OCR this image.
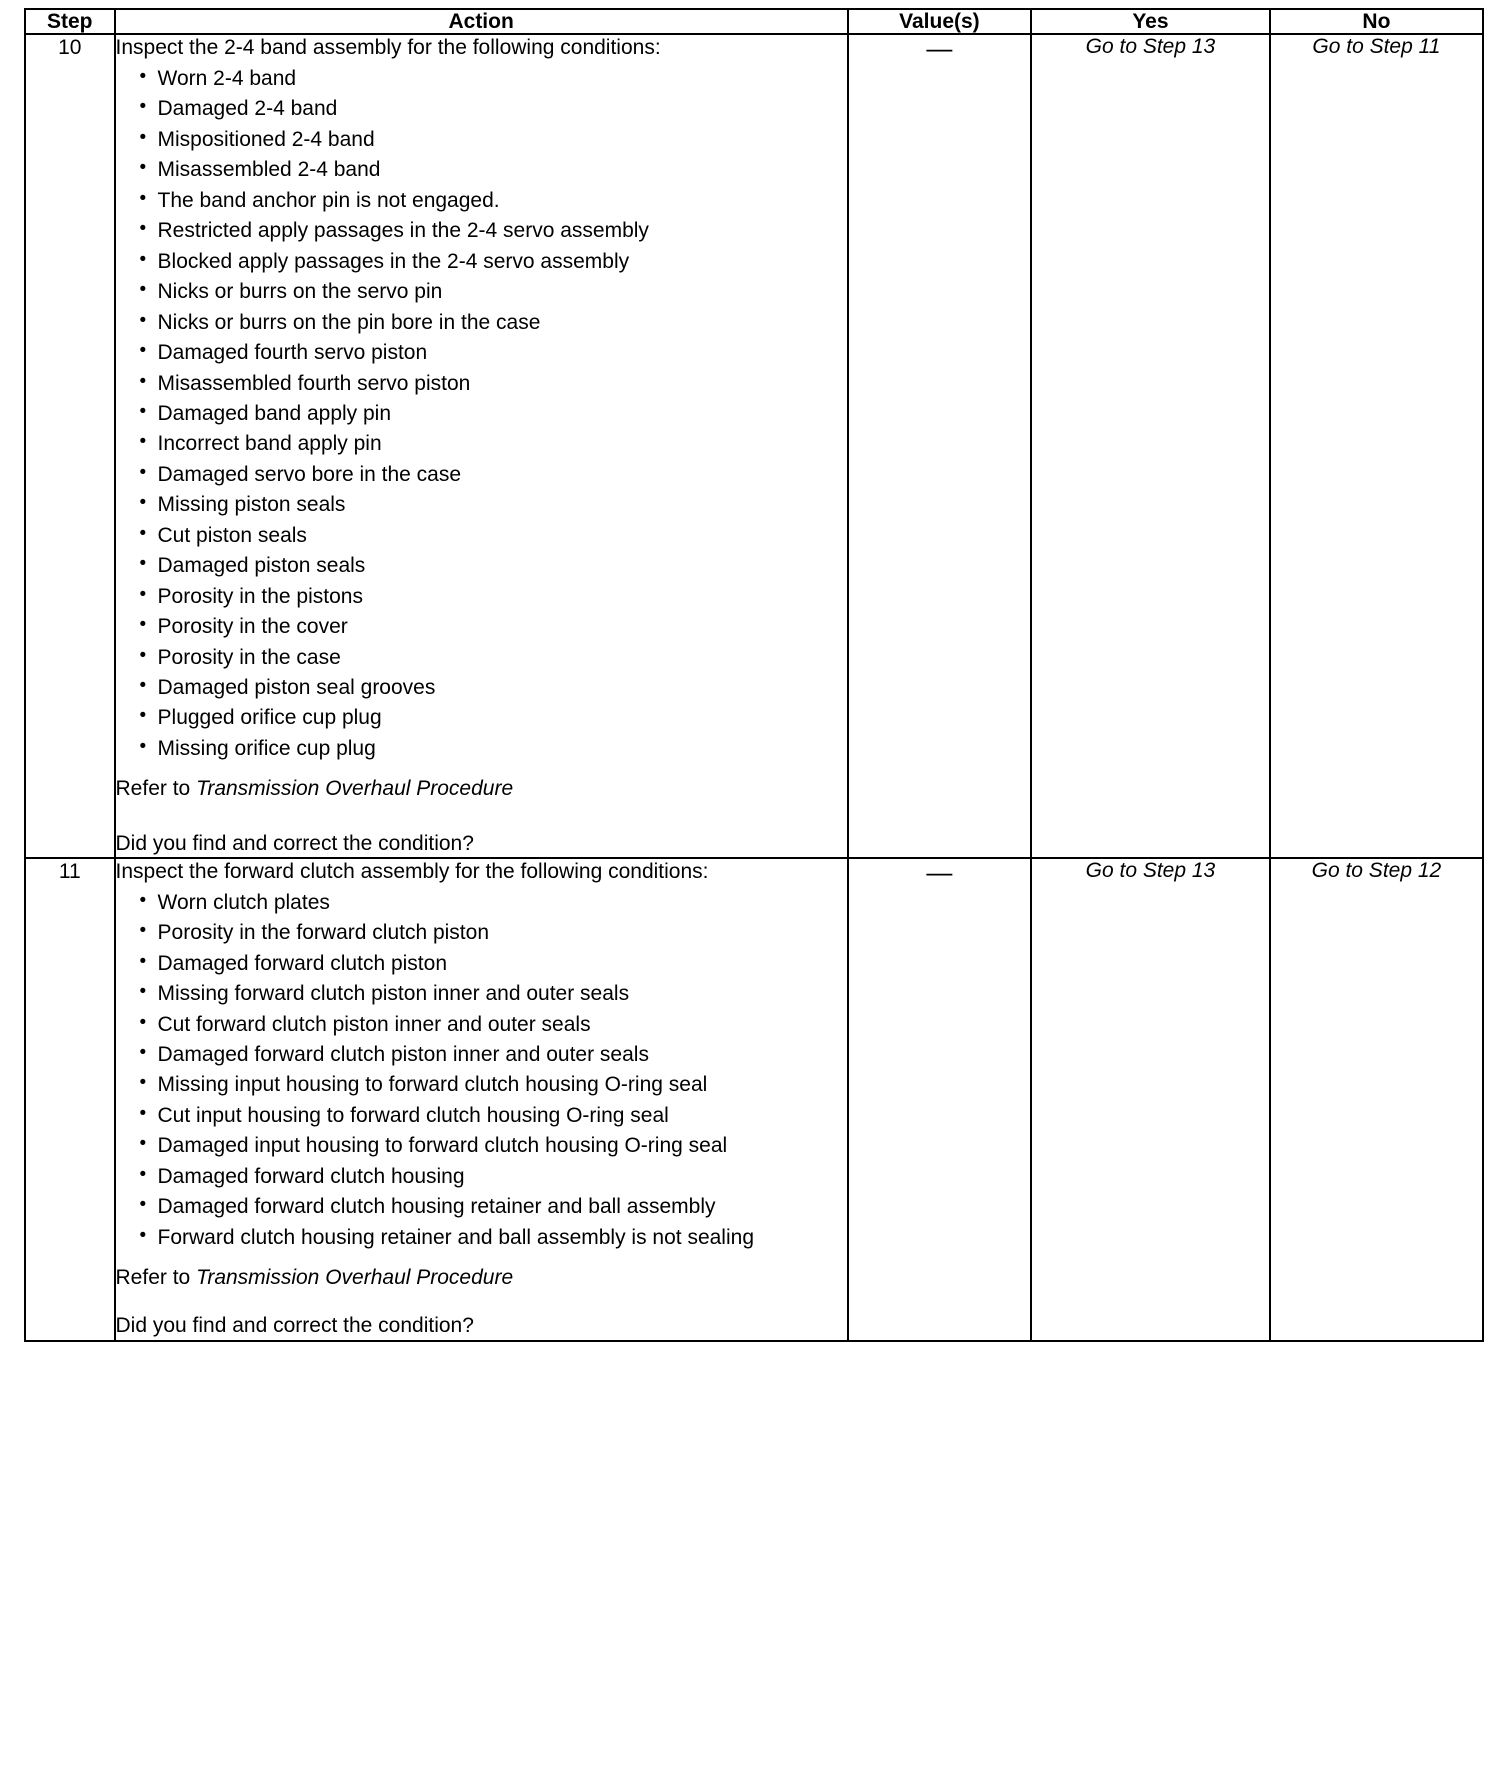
Step	Action	Value(s)	Yes	No
10	Inspect the 2-4 band assembly for the following conditions:

• Worn 2-4 band
• Damaged 2-4 band
• Mispositioned 2-4 band
• Misassembled 2-4 band
• The band anchor pin is not engaged.
• Restricted apply passages in the 2-4 servo assembly
• Blocked apply passages in the 2-4 servo assembly
• Nicks or burrs on the servo pin
• Nicks or burrs on the pin bore in the case
• Damaged fourth servo piston
• Misassembled fourth servo piston
• Damaged band apply pin
• Incorrect band apply pin
• Damaged servo bore in the case
• Missing piston seals
• Cut piston seals
• Damaged piston seals
• Porosity in the pistons
• Porosity in the cover
• Porosity in the case
• Damaged piston seal grooves
• Plugged orifice cup plug
• Missing orifice cup plug

Refer to Transmission Overhaul Procedure

Did you find and correct the condition?

	—	Go to Step 13	Go to Step 11
11	Inspect the forward clutch assembly for the following conditions:

• Worn clutch plates
• Porosity in the forward clutch piston
• Damaged forward clutch piston
• Missing forward clutch piston inner and outer seals
• Cut forward clutch piston inner and outer seals
• Damaged forward clutch piston inner and outer seals
• Missing input housing to forward clutch housing O-ring seal
• Cut input housing to forward clutch housing O-ring seal
• Damaged input housing to forward clutch housing O-ring seal
• Damaged forward clutch housing
• Damaged forward clutch housing retainer and ball assembly
• Forward clutch housing retainer and ball assembly is not sealing

Refer to Transmission Overhaul Procedure

Did you find and correct the condition?

	—	Go to Step 13	Go to Step 12
